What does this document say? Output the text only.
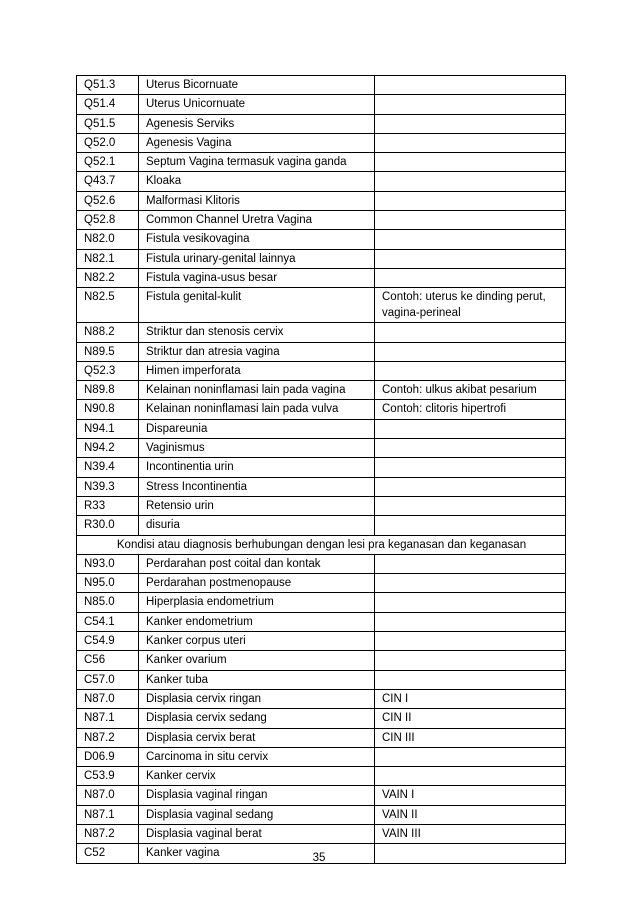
Q51.3	Uterus Bicornuate	
Q51.4	Uterus Unicornuate	
Q51.5	Agenesis Serviks	
Q52.0	Agenesis Vagina	
Q52.1	Septum Vagina termasuk vagina ganda	
Q43.7	Kloaka	
Q52.6	Malformasi Klitoris	
Q52.8	Common Channel Uretra Vagina	
N82.0	Fistula vesikovagina	
N82.1	Fistula urinary-genital lainnya	
N82.2	Fistula vagina-usus besar	
N82.5	Fistula genital-kulit	Contoh: uterus ke dinding perut, vagina-perineal
N88.2	Striktur dan stenosis cervix	
N89.5	Striktur dan atresia vagina	
Q52.3	Himen imperforata	
N89.8	Kelainan noninflamasi lain pada vagina	Contoh: ulkus akibat pesarium
N90.8	Kelainan noninflamasi lain pada vulva	Contoh: clitoris hipertrofi
N94.1	Dispareunia	
N94.2	Vaginismus	
N39.4	Incontinentia urin	
N39.3	Stress Incontinentia	
R33	Retensio urin	
R30.0	disuria	
Kondisi atau diagnosis berhubungan dengan lesi pra keganasan dan keganasan		
N93.0	Perdarahan post coital dan kontak	
N95.0	Perdarahan postmenopause	
N85.0	Hiperplasia endometrium	
C54.1	Kanker endometrium	
C54.9	Kanker corpus uteri	
C56	Kanker ovarium	
C57.0	Kanker tuba	
N87.0	Displasia cervix ringan	CIN I
N87.1	Displasia cervix sedang	CIN II
N87.2	Displasia cervix berat	CIN III
D06.9	Carcinoma in situ cervix	
C53.9	Kanker cervix	
N87.0	Displasia vaginal ringan	VAIN I
N87.1	Displasia vaginal sedang	VAIN II
N87.2	Displasia vaginal berat	VAIN III
C52	Kanker vagina		35
